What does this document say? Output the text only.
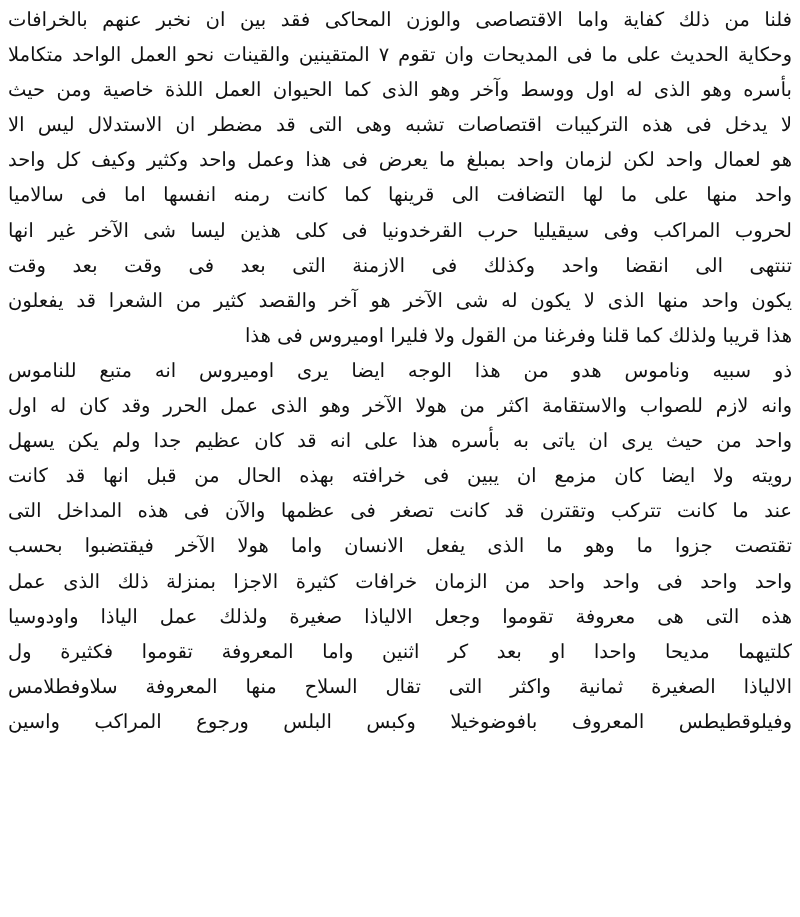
فلنا من ذلك كفاية واما الاقتصاصى والوزن المحاكى فقد بين ان نخبر عنهم بالخرافات
وحكاية الحديث على ما فى المديحات وان تقوم ٧ المتقينين والقينات نحو العمل الواحد متكاملا
بأسره وهو الذى له اول ووسط وآخر وهو الذى كما الحيوان العمل اللذة خاصية ومن حيث
لا يدخل فى هذه التركيبات اقتصاصات تشبه وهى التى قد مضطر ان الاستدلال ليس الا
هو لعمال واحد لكن لزمان واحد بمبلغ ما يعرض فى هذا وعمل واحد وكثير وكيف كل واحد
واحد منها على ما لها التضافت الى قرينها كما كانت رمنه انفسها اما فى سالاميا
لحروب المراكب وفى سيقيليا حرب القرخدونيا فى كلى هذين ليسا شى الآخر غير انها
تنتهى الى انقضا واحد وكذلك فى الازمنة التى بعد فى وقت بعد وقت
يكون واحد منها الذى لا يكون له شى الآخر هو آخر والقصد كثير من الشعرا قد يفعلون
هذا قريبا ولذلك كما قلنا وفرغنا من القول ولا فليرا اوميروس فى هذا
ذو سبيه وناموس هدو من هذا الوجه ايضا يرى اوميروس انه متبع للناموس
وانه لازم للصواب والاستقامة اكثر من هولا الآخر وهو الذى عمل الحرر وقد كان له اول
واحد من حيث يرى ان ياتى به بأسره هذا على انه قد كان عظيم جدا ولم يكن يسهل
رويته ولا ايضا كان مزمع ان يبين فى خرافته بهذه الحال من قبل انها قد كانت
عند ما كانت تتركب وتقترن قد كانت تصغر فى عظمها والآن فى هذه المداخل التى
تقتصت جزوا ما وهو ما الذى يفعل الانسان واما هولا الآخر فيقتضبوا بحسب
واحد واحد فى واحد واحد من الزمان خرافات كثيرة الاجزا بمنزلة ذلك الذى عمل
هذه التى هى معروفة تقوموا وجعل الالياذا صغيرة ولذلك عمل الياذا واودوسيا
كلتيهما مديحا واحدا او بعد كر اثنين واما المعروفة تقوموا فكثيرة ول
الالياذا الصغيرة ثمانية واكثر التى تقال السلاح منها المعروفة سلاوفطلامس
وفيلوقطيطس المعروف بافوضوخيلا وكبس البلس ورجوع المراكب واسين
